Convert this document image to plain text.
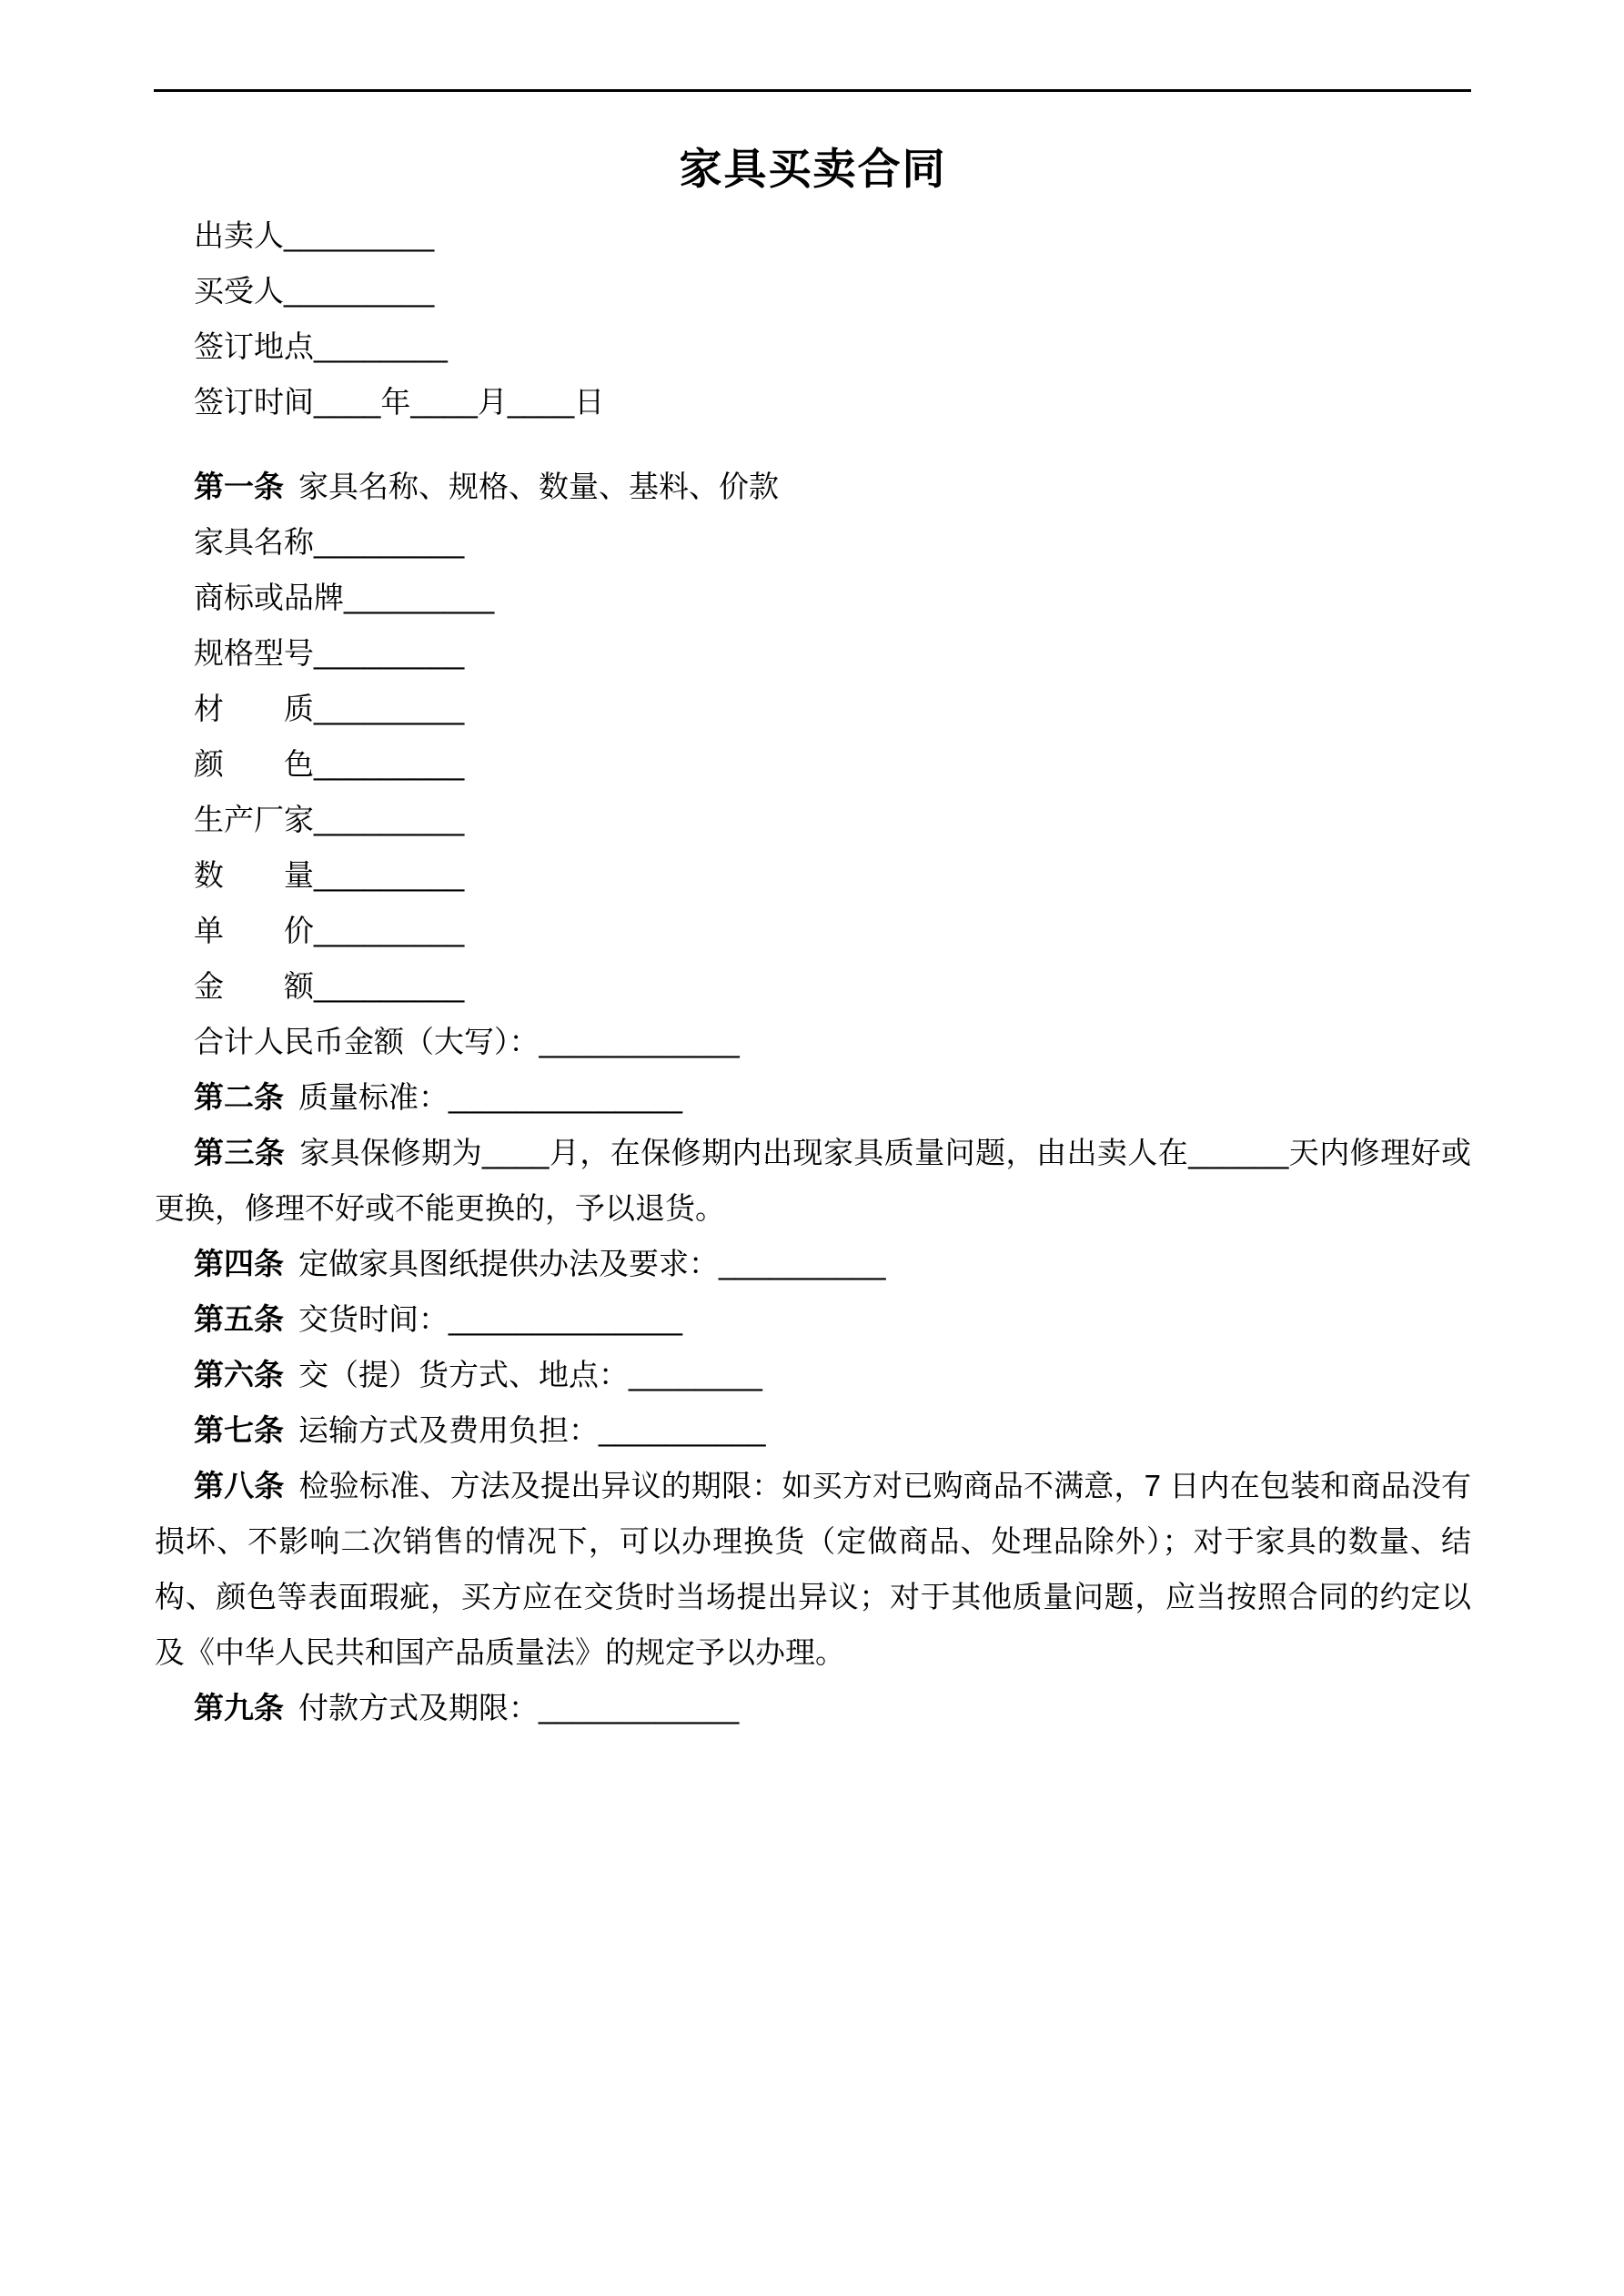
家具买卖合同

出卖人_________

买受人_________

签订地点________

签订时间____年____月____日

第一条 家具名称、规格、数量、基料、价款

家具名称_________

商标或品牌_________

规格型号_________

材　　质_________

颜　　色_________

生产厂家_________

数　　量_________

单　　价_________

金　　额_________

合计人民币金额（大写）：____________

第二条 质量标准：______________

第三条 家具保修期为____月，在保修期内出现家具质量问题，由出卖人在______天内修理好或更换，修理不好或不能更换的，予以退货。

第四条 定做家具图纸提供办法及要求：__________

第五条 交货时间：______________

第六条 交（提）货方式、地点：________

第七条 运输方式及费用负担：__________

第八条 检验标准、方法及提出异议的期限：如买方对已购商品不满意，7 日内在包装和商品没有损坏、不影响二次销售的情况下，可以办理换货（定做商品、处理品除外）；对于家具的数量、结构、颜色等表面瑕疵，买方应在交货时当场提出异议；对于其他质量问题，应当按照合同的约定以及《中华人民共和国产品质量法》的规定予以办理。

第九条 付款方式及期限：____________
